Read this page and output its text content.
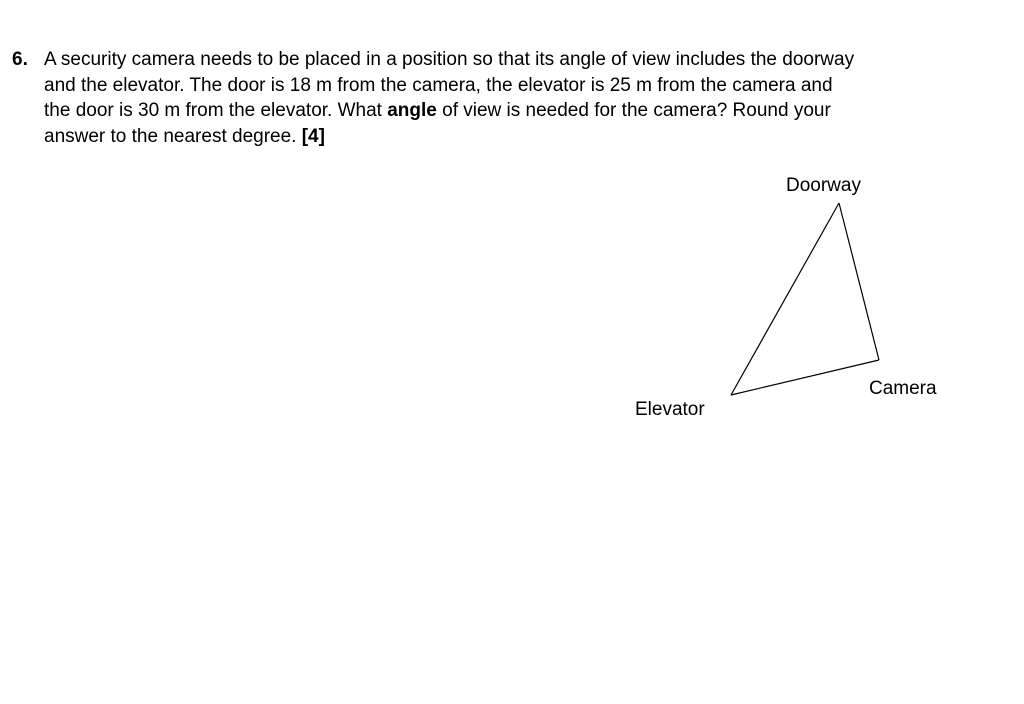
6. A security camera needs to be placed in a position so that its angle of view includes the doorway
and the elevator. The door is 18 m from the camera, the elevator is 25 m from the camera and
the door is 30 m from the elevator. What angle of view is needed for the camera? Round your
answer to the nearest degree. [4]

Doorway
Camera
Elevator
